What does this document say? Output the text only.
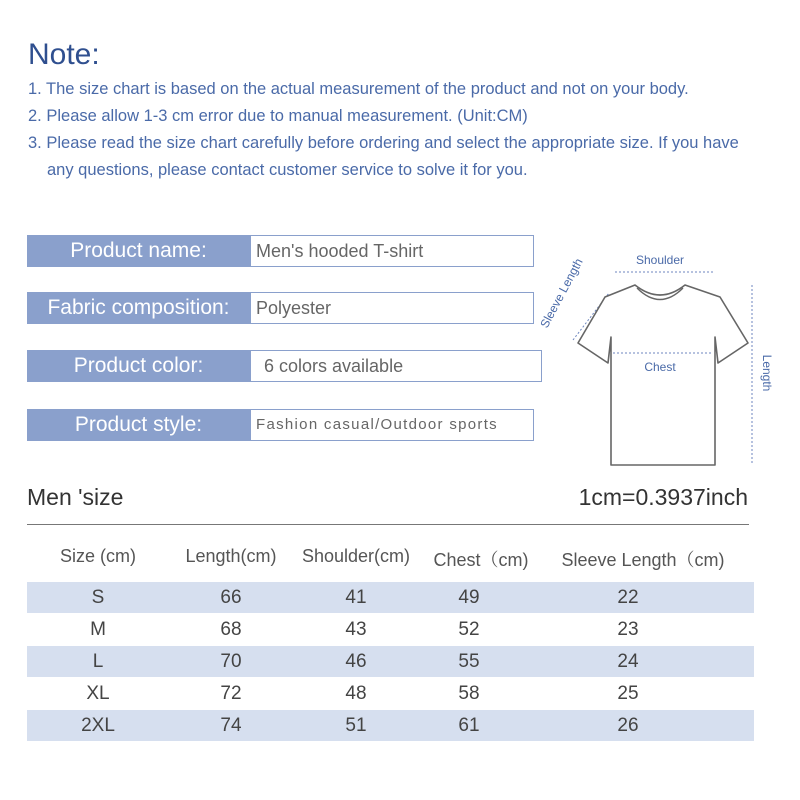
Note:
1. The size chart is based on the actual measurement of the product and not on your body.
2. Please allow 1-3 cm error due to manual measurement. (Unit:CM)
3. Please read the size chart carefully before ordering and select the appropriate size. If you have
any questions, please contact customer service to solve it for you.
Product name:	Men's hooded T-shirt
Fabric composition:	Polyester
Product color:	6 colors available
Product style:	Fashion casual/Outdoor sports
Shoulder
Sleeve Length
Length
Chest
Men 'size	1cm=0.3937inch
Size (cm)	Length(cm)	Shoulder(cm)	Chest（cm)	Sleeve Length（cm)
S	66	41	49	22
M	68	43	52	23
L	70	46	55	24
XL	72	48	58	25
2XL	74	51	61	26
